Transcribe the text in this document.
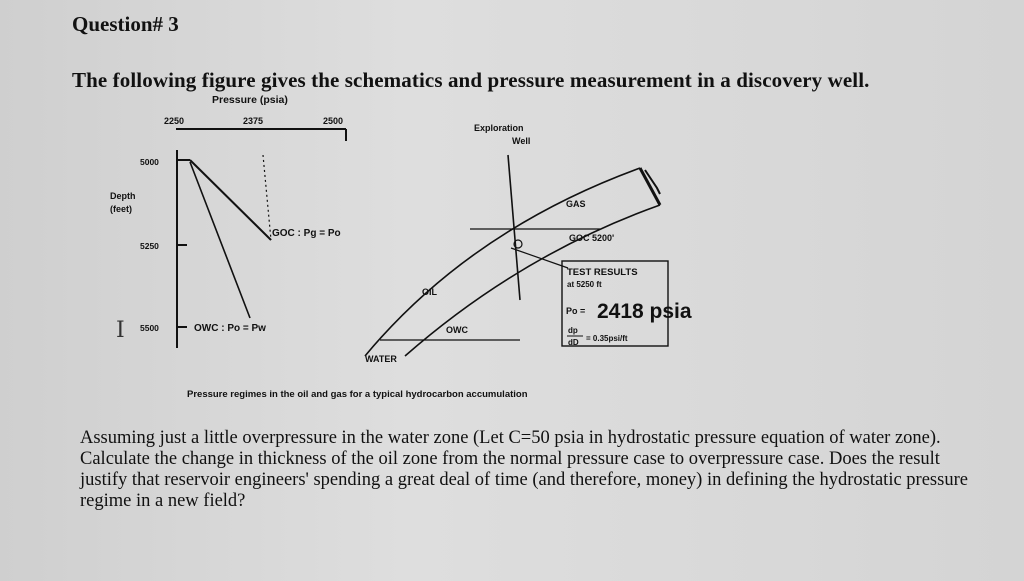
Question# 3
The following figure gives the schematics and pressure measurement in a discovery well.
Pressure (psia)
2250	2375	2500
5000
5250
5500
Depth
(feet)
GOC : Pg = Po
OWC : Po = Pw
Exploration
Well
GAS
GOC 5200'
OIL
OWC
WATER
TEST RESULTS
at 5250 ft
Po = 2418 psia
dp
dD = 0.35psi/ft
Pressure regimes in the oil and gas for a typical hydrocarbon accumulation
I

Assuming just a little overpressure in the water zone (Let C=50 psia in hydrostatic pressure equation of water zone).

Calculate the change in thickness of the oil zone from the normal pressure case to overpressure case. Does the result justify that reservoir engineers' spending a great deal of time (and therefore, money) in defining the hydrostatic pressure regime in a new field?
